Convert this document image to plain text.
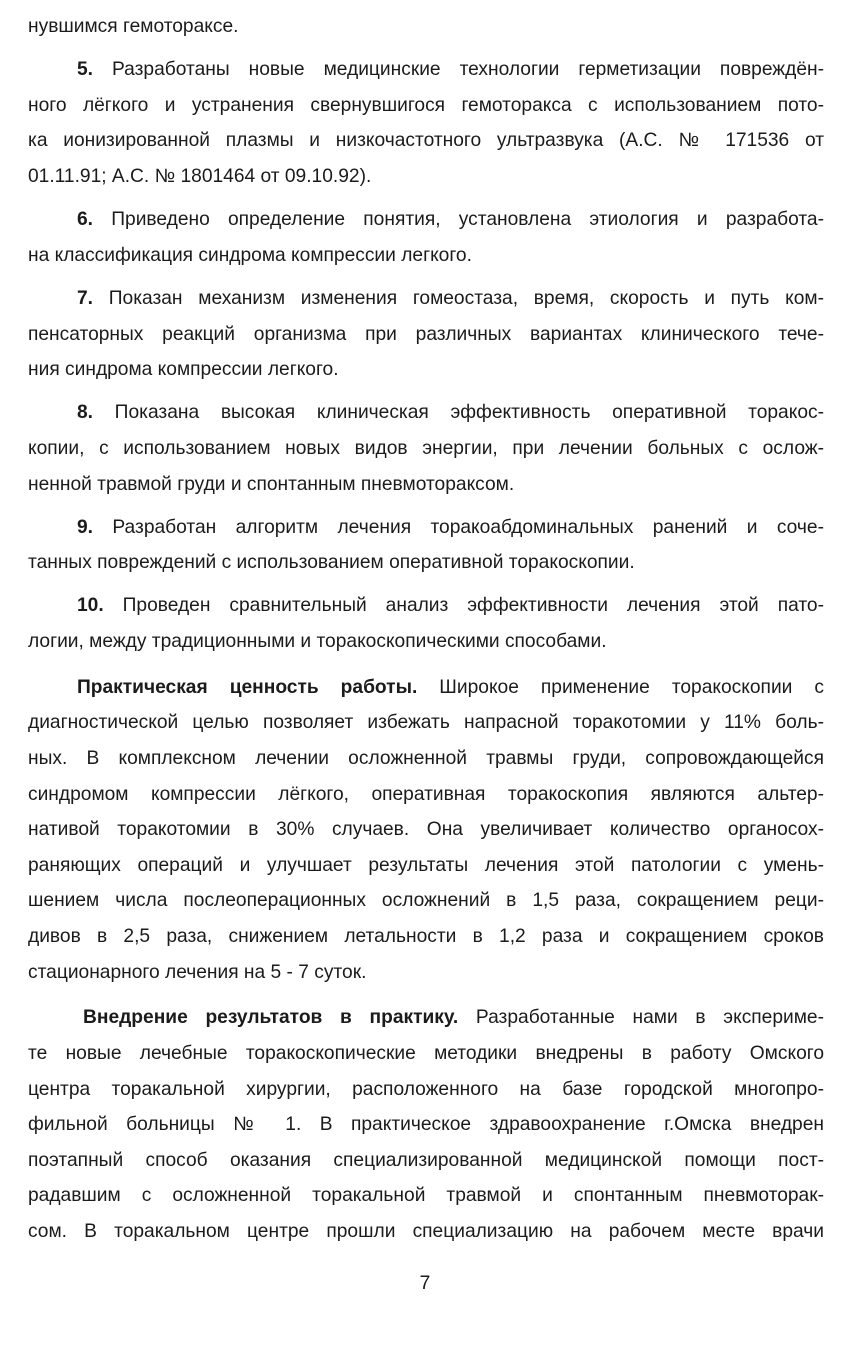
нувшимся гемотораксе.
5. Разработаны новые медицинские технологии герметизации повреждён-
ного лёгкого и устранения свернувшигося гемоторакса с использованием пото-
ка ионизированной плазмы и низкочастотного ультразвука (А.С. № 171536 от
01.11.91; А.С. № 1801464 от 09.10.92).
6. Приведено определение понятия, установлена этиология и разработа-
на классификация синдрома компрессии легкого.
7. Показан механизм изменения гомеостаза, время, скорость и путь ком-
пенсаторных реакций организма при различных вариантах клинического тече-
ния синдрома компрессии легкого.
8. Показана высокая клиническая эффективность оперативной торакос-
копии, с использованием новых видов энергии, при лечении больных с ослож-
ненной травмой груди и спонтанным пневмотораксом.
9. Разработан алгоритм лечения торакоабдоминальных ранений и сочe-
танных повреждений с использованием оперативной торакоскопии.
10. Проведен сравнительный анализ эффективности лечения этой пато-
логии, между традиционными и торакоскопическими способами.
Практическая ценность работы. Широкое применение торакоскопии с
диагностической целью позволяет избежать напрасной торакотомии у 11% боль-
ных. В комплексном лечении осложненной травмы груди, сопровождающейся
синдромом компрессии лёгкого, оперативная торакоскопия являются альтер-
нативой торакотомии в 30% случаев. Она увеличивает количество органосох-
раняющих операций и улучшает результаты лечения этой патологии с умень-
шением числа послеоперационных осложнений в 1,5 раза, сокращением реци-
дивов в 2,5 раза, снижением летальности в 1,2 раза и сокращением сроков
стационарного лечения на 5 - 7 суток.
Внедрение результатов в практику. Разработанные нами в экспериме-
те новые лечебные торакоскопические методики внедрены в работу Омского
центра торакальной хирургии, расположенного на базе городской многопро-
фильной больницы № 1. В практическое здравоохранение г.Омска внедрен
поэтапный способ оказания специализированной медицинской помощи пост-
радавшим с осложненной торакальной травмой и спонтанным пневмоторак-
сом. В торакальном центре прошли специализацию на рабочем месте врачи
7
